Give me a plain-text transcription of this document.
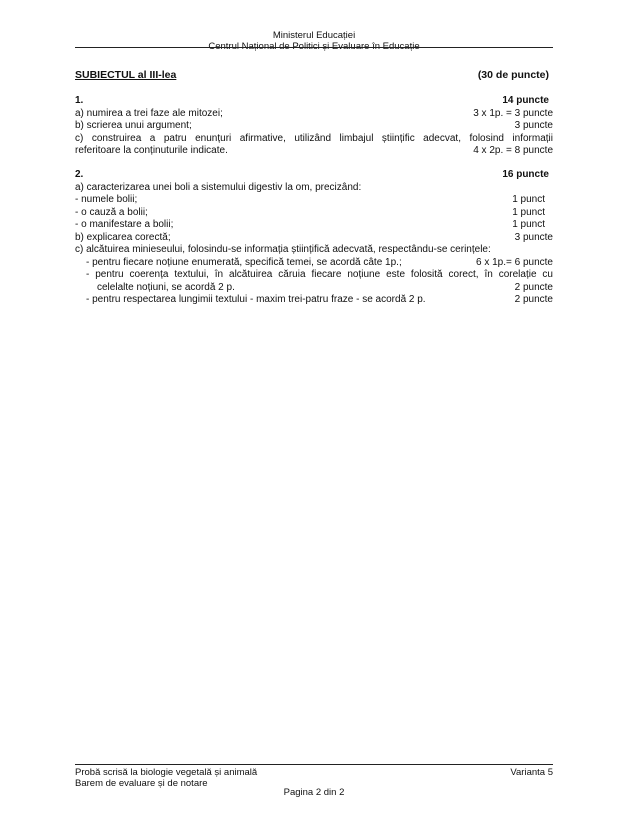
Ministerul Educației
Centrul Național de Politici și Evaluare în Educație
SUBIECTUL al III-lea	(30 de puncte)
1.	14 puncte
a) numirea a trei faze ale mitozei;	3 x 1p. = 3 puncte
b) scrierea unui argument;	3 puncte
c) construirea a patru enunțuri afirmative, utilizând limbajul științific adecvat, folosind informații
referitoare la conținuturile indicate.	4 x 2p. = 8 puncte
2.	16 puncte
a) caracterizarea unei boli a sistemului digestiv la om, precizând:
- numele bolii;	1 punct
- o cauză a bolii;	1 punct
- o manifestare a bolii;	1 punct
b) explicarea corectă;	3 puncte
c) alcătuirea minieseului, folosindu-se informația științifică adecvată, respectându-se cerințele:
- pentru fiecare noțiune enumerată, specifică temei, se acordă câte 1p.;	6 x 1p.= 6 puncte
- pentru coerența textului, în alcătuirea căruia fiecare noțiune este folosită corect, în corelație cu
celelalte noțiuni, se acordă 2 p.	2 puncte
- pentru respectarea lungimii textului - maxim trei-patru fraze - se acordă 2 p.	2 puncte
Probă scrisă la biologie vegetală și animală	Varianta 5
Barem de evaluare și de notare
Pagina 2 din 2
